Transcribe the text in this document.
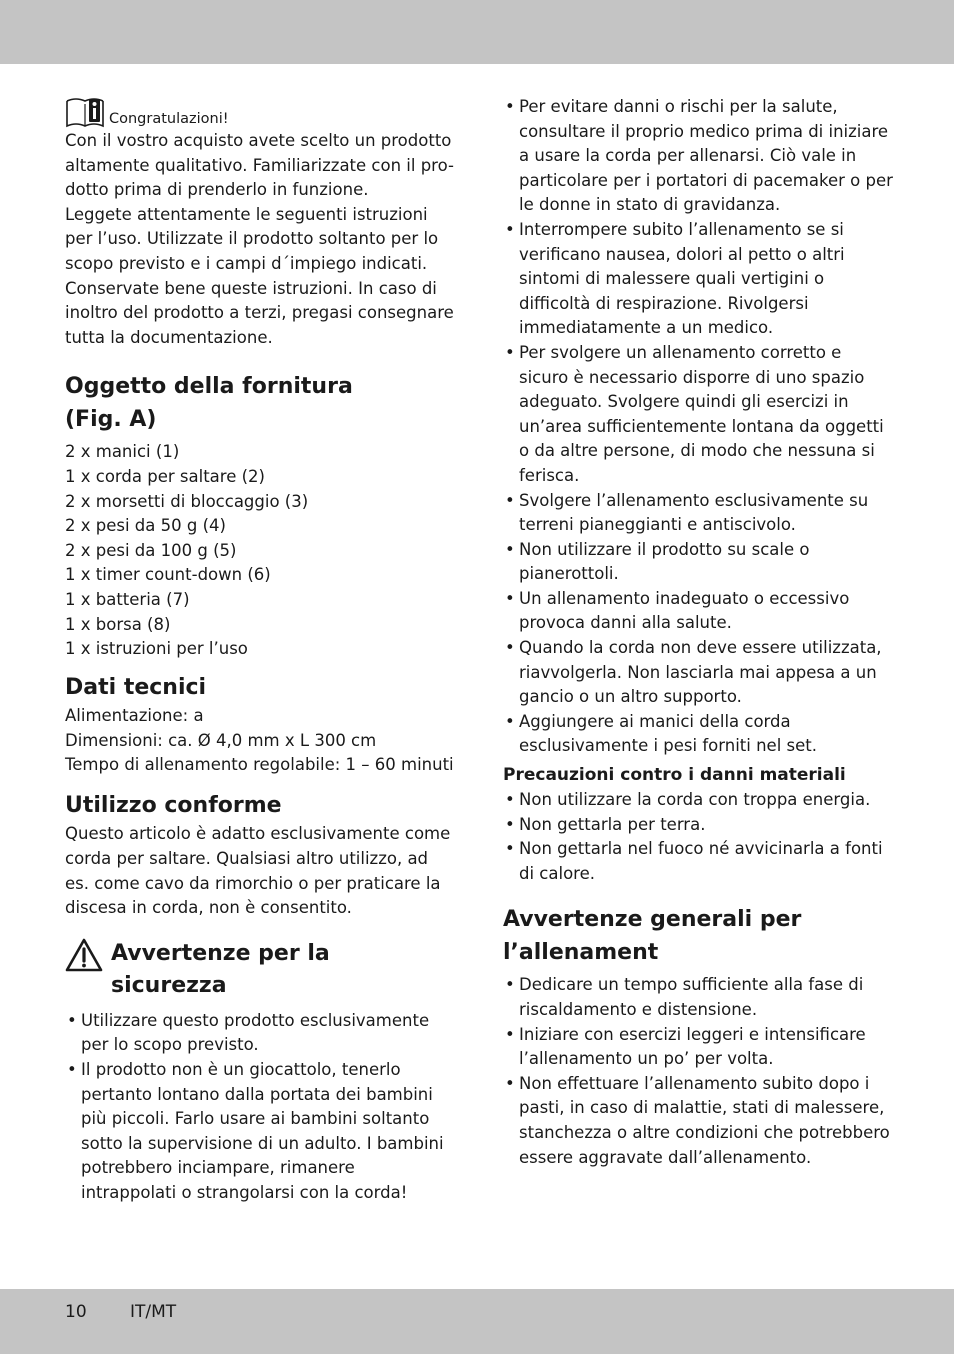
Congratulazioni!

Con il vostro acquisto avete scelto un prodotto altamente qualitativo. Familiarizzate con il pro-dotto prima di prenderlo in funzione.

Leggete attentamente le seguenti istruzioni per l’uso. Utilizzate il prodotto soltanto per lo scopo previsto e i campi d´impiego indicati. Conservate bene queste istruzioni. In caso di inoltro del prodotto a terzi, pregasi consegnare tutta la documentazione.

Oggetto della fornitura (Fig. A)

2 x manici (1)

1 x corda per saltare (2)

2 x morsetti di bloccaggio (3)

2 x pesi da 50 g (4)

2 x pesi da 100 g (5)

1 x timer count-down (6)

1 x batteria (7)

1 x borsa (8)

1 x istruzioni per l’uso

Dati tecnici

Alimentazione: a

Dimensioni: ca. Ø 4,0 mm x L 300 cm

Tempo di allenamento regolabile: 1 – 60 minuti

Utilizzo conforme

Questo articolo è adatto esclusivamente come corda per saltare. Qualsiasi altro utilizzo, ad es. come cavo da rimorchio o per praticare la discesa in corda, non è consentito.

Avvertenze per la sicurezza

• Utilizzare questo prodotto esclusivamente per lo scopo previsto.
• Il prodotto non è un giocattolo, tenerlo pertanto lontano dalla portata dei bambini più piccoli. Farlo usare ai bambini soltanto sotto la supervisione di un adulto. I bambini potrebbero inciampare, rimanere intrappolati o strangolarsi con la corda!
• Per evitare danni o rischi per la salute, consultare il proprio medico prima di iniziare a usare la corda per allenarsi. Ciò vale in particolare per i portatori di pacemaker o per le donne in stato di gravidanza.
• Interrompere subito l’allenamento se si verificano nausea, dolori al petto o altri sintomi di malessere quali vertigini o difficoltà di respirazione. Rivolgersi immediatamente a un medico.
• Per svolgere un allenamento corretto e sicuro è necessario disporre di uno spazio adeguato. Svolgere quindi gli esercizi in un’area sufficientemente lontana da oggetti o da altre persone, di modo che nessuna si ferisca.
• Svolgere l’allenamento esclusivamente su terreni pianeggianti e antiscivolo.
• Non utilizzare il prodotto su scale o pianerottoli.
• Un allenamento inadeguato o eccessivo provoca danni alla salute.
• Quando la corda non deve essere utilizzata, riavvolgerla. Non lasciarla mai appesa a un gancio o un altro supporto.
• Aggiungere ai manici della corda esclusivamente i pesi forniti nel set.

Precauzioni contro i danni materiali

• Non utilizzare la corda con troppa energia.
• Non gettarla per terra.
• Non gettarla nel fuoco né avvicinarla a fonti di calore.

Avvertenze generali per l’allenament

• Dedicare un tempo sufficiente alla fase di riscaldamento e distensione.
• Iniziare con esercizi leggeri e intensificare l’allenamento un po’ per volta.
• Non effettuare l’allenamento subito dopo i pasti, in caso di malattie, stati di malessere, stanchezza o altre condizioni che potrebbero essere aggravate dall’allenamento.
10	IT/MT
